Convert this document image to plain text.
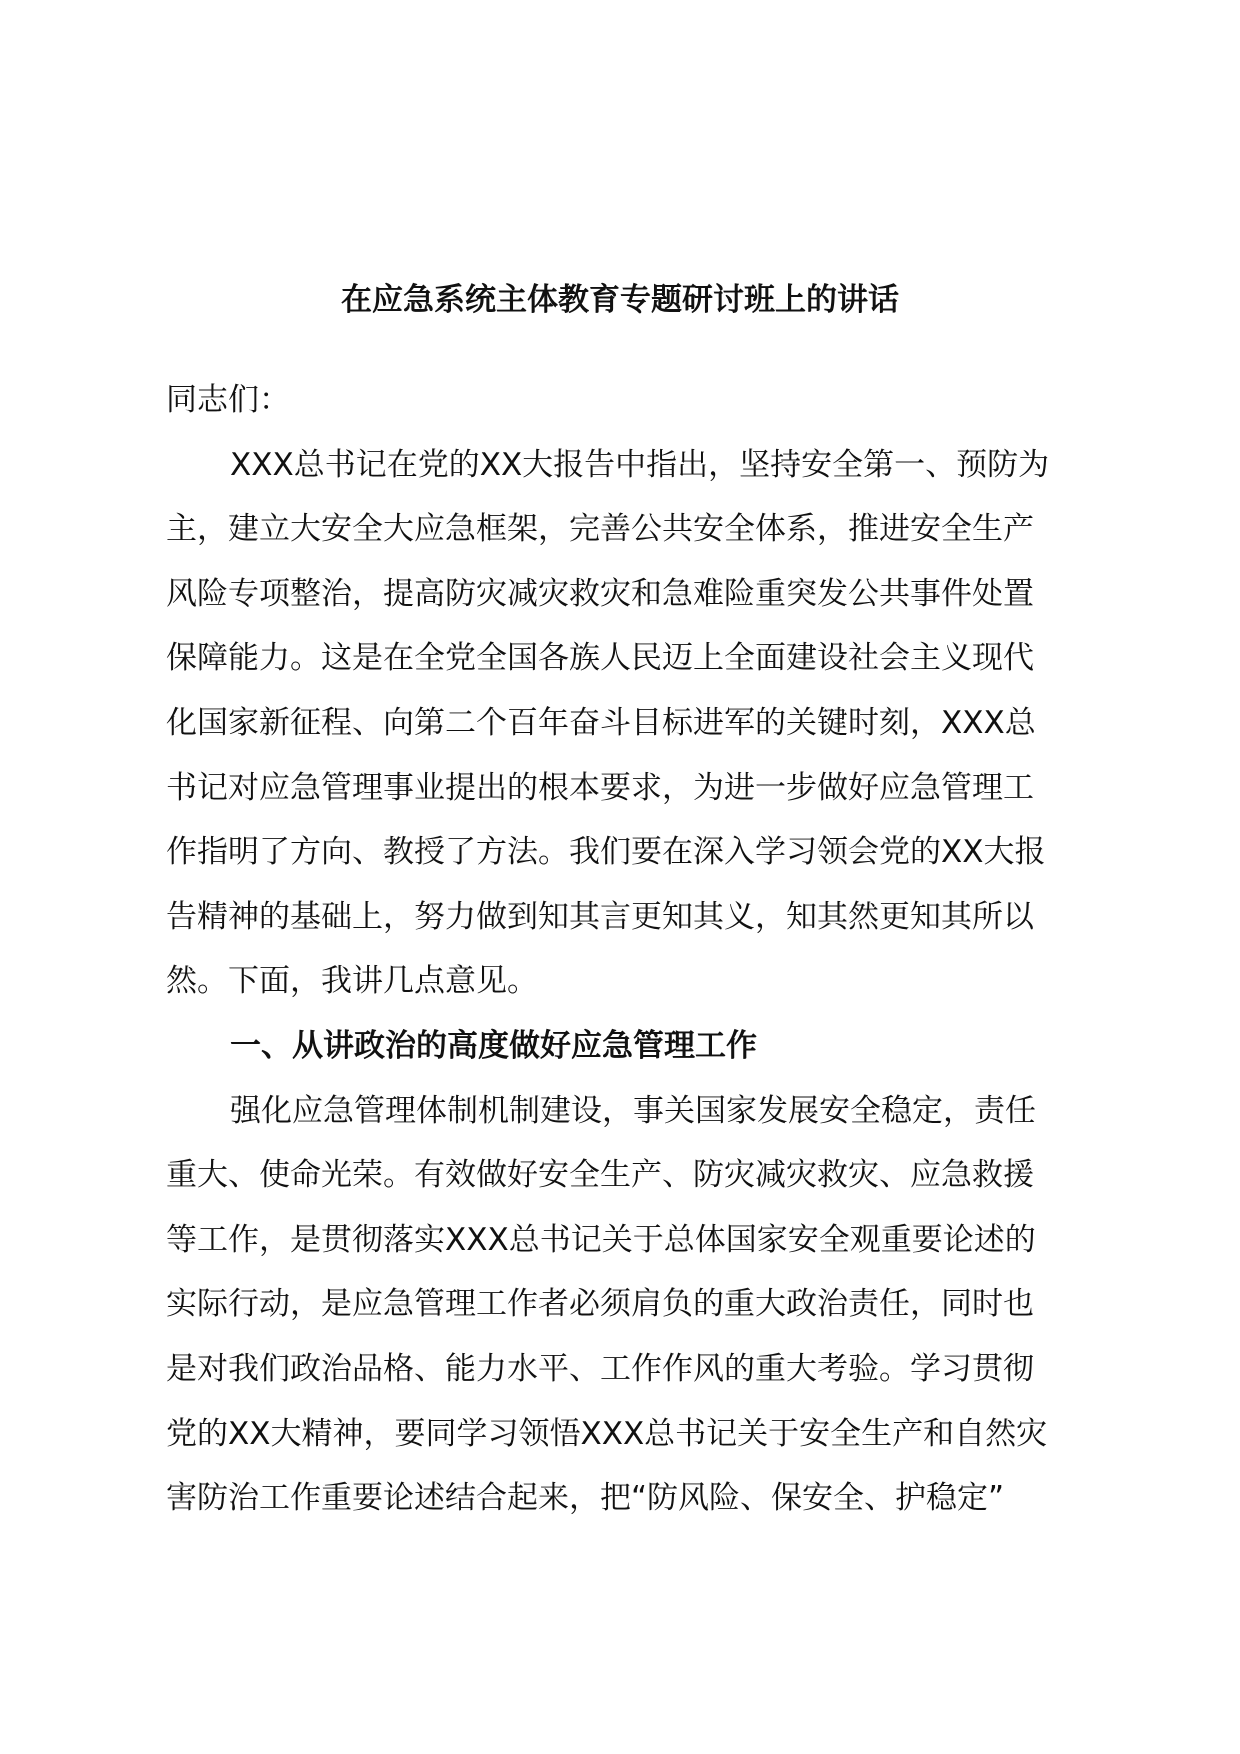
在应急系统主体教育专题研讨班上的讲话
同志们：
XXX总书记在党的XX大报告中指出，坚持安全第一、预防为
主，建立大安全大应急框架，完善公共安全体系，推进安全生产
风险专项整治，提高防灾减灾救灾和急难险重突发公共事件处置
保障能力。这是在全党全国各族人民迈上全面建设社会主义现代
化国家新征程、向第二个百年奋斗目标进军的关键时刻，XXX总
书记对应急管理事业提出的根本要求，为进一步做好应急管理工
作指明了方向、教授了方法。我们要在深入学习领会党的XX大报
告精神的基础上，努力做到知其言更知其义，知其然更知其所以
然。下面，我讲几点意见。
一、从讲政治的高度做好应急管理工作
强化应急管理体制机制建设，事关国家发展安全稳定，责任
重大、使命光荣。有效做好安全生产、防灾减灾救灾、应急救援
等工作，是贯彻落实XXX总书记关于总体国家安全观重要论述的
实际行动，是应急管理工作者必须肩负的重大政治责任，同时也
是对我们政治品格、能力水平、工作作风的重大考验。学习贯彻
党的XX大精神，要同学习领悟XXX总书记关于安全生产和自然灾
害防治工作重要论述结合起来，把“防风险、保安全、护稳定”
